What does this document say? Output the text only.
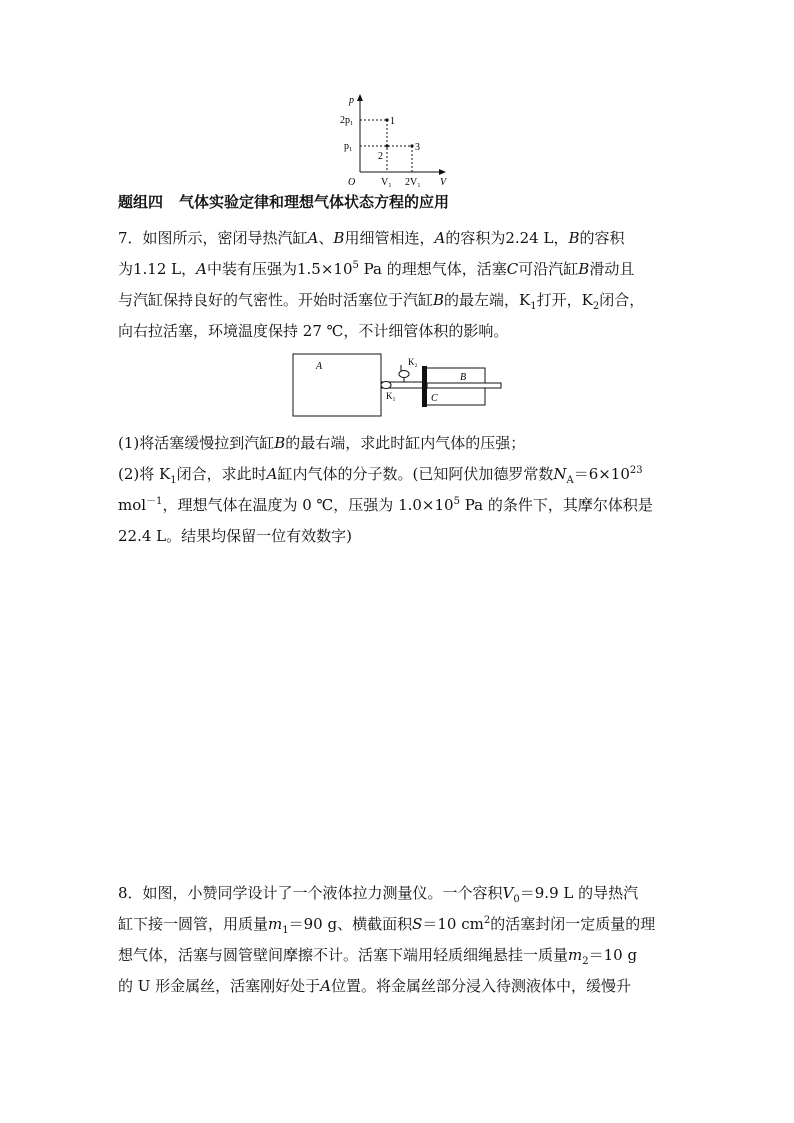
p
V
O
2p₁
p₁
V₁ 2V₁
1
2
3
题组四 气体实验定律和理想气体状态方程的应用
7．如图所示，密闭导热汽缸A、B用细管相连，A的容积为2.24 L，B的容积
为1.12 L，A中装有压强为$1.5\times 10^5$ Pa 的理想气体，活塞C可沿汽缸B滑动且
与汽缸保持良好的气密性。开始时活塞位于汽缸B的最左端，$K_1$打开，$K_2$闭合，
向右拉活塞，环境温度保持 27 ℃，不计细管体积的影响。
A
B
C
K₁
K₂
(1)将活塞缓慢拉到汽缸B的最右端，求此时缸内气体的压强；
(2)将 $K_1$闭合，求此时A缸内气体的分子数。(已知阿伏加德罗常数$N_A=6\times 10^{23}$
mol$^{-1}$，理想气体在温度为 0 ℃，压强为 $1.0\times 10^5$ Pa 的条件下，其摩尔体积是
22.4 L。结果均保留一位有效数字)
8．如图，小赞同学设计了一个液体拉力测量仪。一个容积$V_0=9.9$ L 的导热汽
缸下接一圆管，用质量$m_1=90$ g、横截面积S＝10 $cm^2$的活塞封闭一定质量的理
想气体，活塞与圆管壁间摩擦不计。活塞下端用轻质细绳悬挂一质量$m_2=10$ g
的 U 形金属丝，活塞刚好处于A位置。将金属丝部分浸入待测液体中，缓慢升
